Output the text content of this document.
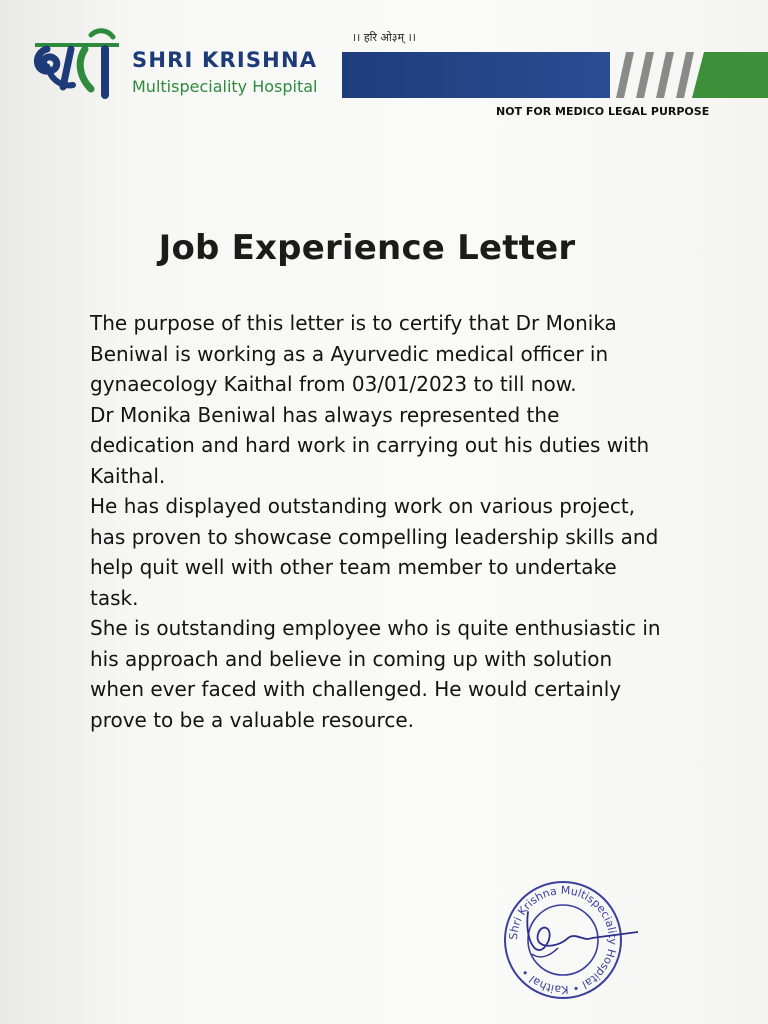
SHRI KRISHNA
Multispeciality Hospital
।। हरि ओ३म् ।।
NOT FOR MEDICO LEGAL PURPOSE
Job Experience Letter
The purpose of this letter is to certify that Dr Monika
Beniwal is working as a Ayurvedic medical officer in
gynaecology Kaithal from 03/01/2023 to till now.
Dr Monika Beniwal has always represented the
dedication and hard work in carrying out his duties with
Kaithal.
He has displayed outstanding work on various project,
has proven to showcase compelling leadership skills and
help quit well with other team member to undertake
task.
She is outstanding employee who is quite enthusiastic in
his approach and believe in coming up with solution
when ever faced with challenged. He would certainly
prove to be a valuable resource.
Shri Krishna Multispeciality Hospital • Kaithal •
